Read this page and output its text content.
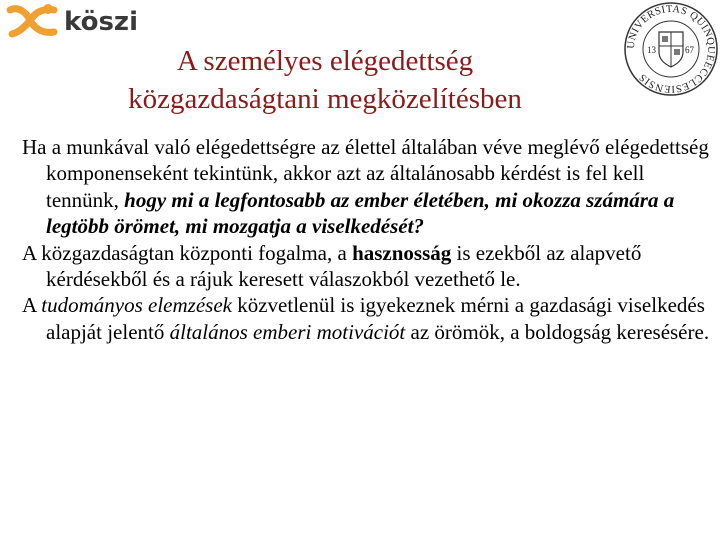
köszi
UNIVERSITAS QUINQUEECCLESIENSIS
13	67
A személyes elégedettség
közgazdaságtani megközelítésben

Ha a munkával való elégedettségre az élettel általában véve meglévő elégedettség komponenseként tekintünk, akkor azt az általánosabb kérdést is fel kell tennünk, hogy mi a legfontosabb az ember életében, mi okozza számára a legtöbb örömet, mi mozgatja a viselkedését?

A közgazdaságtan központi fogalma, a hasznosság is ezekből az alapvető kérdésekből és a rájuk keresett válaszokból vezethető le.

A tudományos elemzések közvetlenül is igyekeznek mérni a gazdasági viselkedés alapját jelentő általános emberi motivációt az örömök, a boldogság keresésére.
